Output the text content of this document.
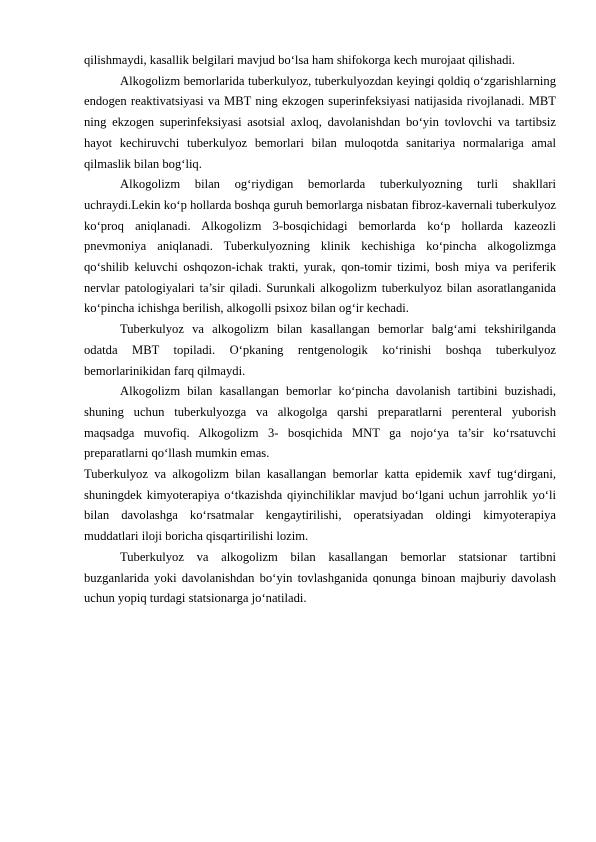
qilishmaydi, kasallik belgilari mavjud bo‘lsa ham shifokorga kech murojaat qilishadi.

Alkogolizm bemorlarida tuberkulyoz, tuberkulyozdan keyingi qoldiq o‘zgarishlarning endogen reaktivatsiyasi va MBT ning ekzogen superinfeksiyasi natijasida rivojlanadi. MBT ning ekzogen superinfeksiyasi asotsial axloq, davolanishdan bo‘yin tovlovchi va tartibsiz hayot kechiruvchi tuberkulyoz bemorlari bilan muloqotda sanitariya normalariga amal qilmaslik bilan bog‘liq.

Alkogolizm bilan og‘riydigan bemorlarda tuberkulyozning turli shakllari uchraydi.Lekin ko‘p hollarda boshqa guruh bemorlarga nisbatan fibroz-kavernali tuberkulyoz ko‘proq aniqlanadi. Alkogolizm 3-bosqichidagi bemorlarda ko‘p hollarda kazeozli pnevmoniya aniqlanadi. Tuberkulyozning klinik kechishiga ko‘pincha alkogolizmga qo‘shilib keluvchi oshqozon-ichak trakti, yurak, qon-tomir tizimi, bosh miya va periferik nervlar patologiyalari ta’sir qiladi. Surunkali alkogolizm tuberkulyoz bilan asoratlanganida ko‘pincha ichishga berilish, alkogolli psixoz bilan og‘ir kechadi.

Tuberkulyoz va alkogolizm bilan kasallangan bemorlar balg‘ami tekshirilganda odatda MBT topiladi. O‘pkaning rentgenologik ko‘rinishi boshqa tuberkulyoz bemorlarinikidan farq qilmaydi.

Alkogolizm bilan kasallangan bemorlar ko‘pincha davolanish tartibini buzishadi, shuning uchun tuberkulyozga va alkogolga qarshi preparatlarni perenteral yuborish maqsadga muvofiq. Alkogolizm 3- bosqichida MNT ga nojo‘ya ta’sir ko‘rsatuvchi preparatlarni qo‘llash mumkin emas.

Tuberkulyoz va alkogolizm bilan kasallangan bemorlar katta epidemik xavf tug‘dirgani, shuningdek kimyoterapiya o‘tkazishda qiyinchiliklar mavjud bo‘lgani uchun jarrohlik yo‘li bilan davolashga ko‘rsatmalar kengaytirilishi, operatsiyadan oldingi kimyoterapiya muddatlari iloji boricha qisqartirilishi lozim.

Tuberkulyoz va alkogolizm bilan kasallangan bemorlar statsionar tartibni buzganlarida yoki davolanishdan bo‘yin tovlashganida qonunga binoan majburiy davolash uchun yopiq turdagi statsionarga jo‘natiladi.
